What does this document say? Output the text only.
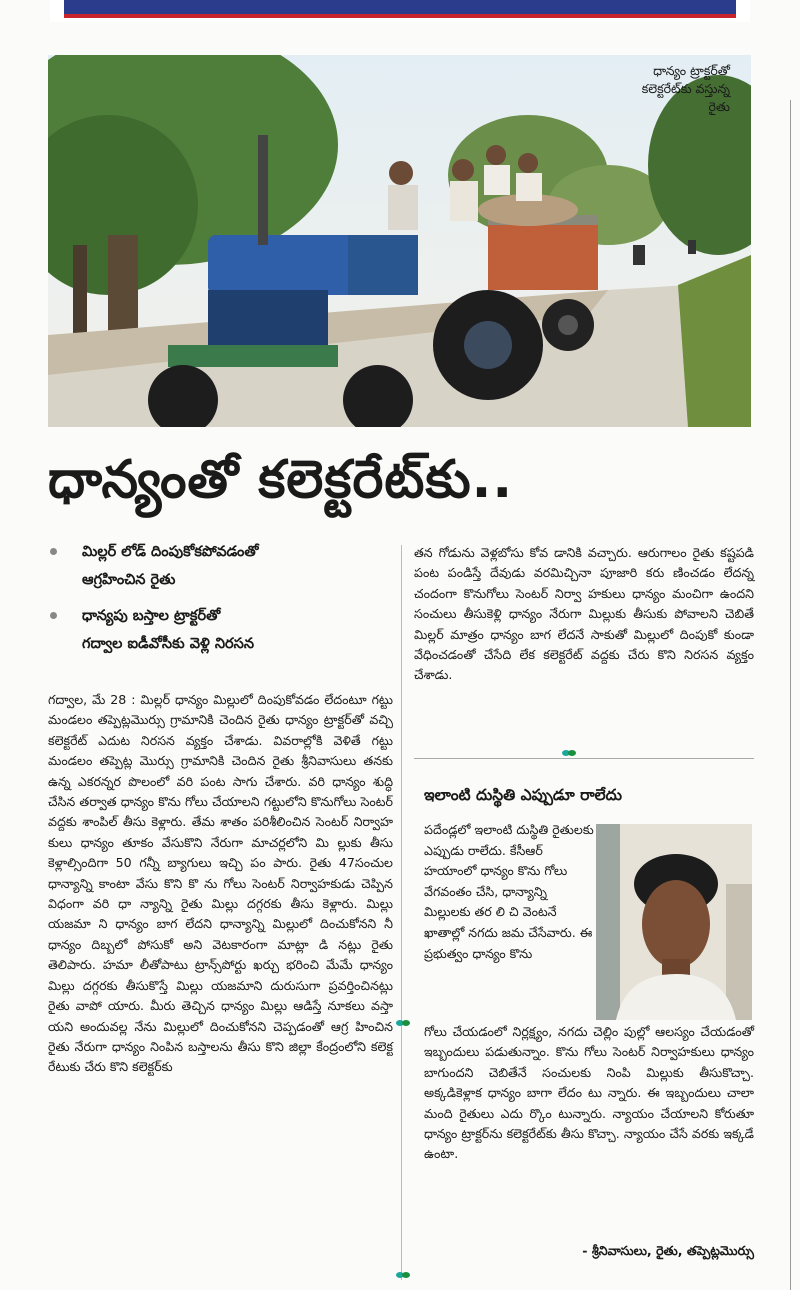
ధాన్యం ట్రాక్టర్‌తో
కలెక్టరేట్‌కు వస్తున్న
రైతు
ధాన్యంతో కలెక్టరేట్‌కు..
మిల్లర్ లోడ్ దింపుకోకపోవడంతో
ఆగ్రహించిన రైతు
ధాన్యపు బస్తాల ట్రాక్టర్‌తో
గద్వాల ఐడీవోసీకు వెళ్లి నిరసన

గద్వాల, మే 28 : మిల్లర్ ధాన్యం మిల్లులో దింపుకోవడం లేదంటూ గట్టు మండలం తప్పెట్లమొర్సు గ్రామానికి చెందిన రైతు ధాన్యం ట్రాక్టర్‌తో వచ్చి కలెక్టరేట్ ఎదుట నిరసన వ్యక్తం చేశాడు. వివరాల్లోకి వెళితే గట్టు మండలం తప్పెట్ల మొర్సు గ్రామానికి చెందిన రైతు శ్రీనివాసులు తనకు ఉన్న ఎకరన్నర పొలంలో వరి పంట సాగు చేశారు. వరి ధాన్యం శుద్ధి చేసిన తర్వాత ధాన్యం కొను గోలు చేయాలని గట్టులోని కొనుగోలు సెంటర్ వద్దకు శాంపిల్ తీసు కెళ్లారు. తేమ శాతం పరిశీలించిన సెంటర్ నిర్వాహ కులు ధాన్యం తూకం వేసుకొని నేరుగా మాచర్లలోని మి ల్లుకు తీసు కెళ్లాల్సిందిగా 50 గన్నీ బ్యాగులు ఇచ్చి పం పారు. రైతు 47సంచుల ధాన్యాన్ని కాంటా వేసు కొని కొ ను గోలు సెంటర్ నిర్వాహకుడు చెప్పిన విధంగా వరి ధా న్యాన్ని రైతు మిల్లు దగ్గరకు తీసు కెళ్లారు. మిల్లు యజమా ని ధాన్యం బాగ లేదని ధాన్యాన్ని మిల్లులో దించుకోనని నీ ధాన్యం దిబ్బలో పోసుకో అని వెటకారంగా మాట్లా డి నట్లు రైతు తెలిపారు. హమా లీతోపాటు ట్రాన్స్‌పోర్టు ఖర్చు భరించి మేమే ధాన్యం మిల్లు దగ్గరకు తీసుకొస్తే మిల్లు యజమాని దురుసుగా ప్రవర్తించినట్లు రైతు వాపో యారు. మీరు తెచ్చిన ధాన్యం మిల్లు ఆడిస్తే నూకలు వస్తా యని అందువల్ల నేను మిల్లులో దించుకోనని చెప్పడంతో ఆగ్ర హించిన రైతు నేరుగా ధాన్యం నింపిన బస్తాలను తీసు కొని జిల్లా కేంద్రంలోని కలెక్ట రేటుకు చేరు కొని కలెక్టర్‌కు

తన గోడును వెళ్లబోసు కోవ డానికి వచ్చారు. ఆరుగాలం రైతు కష్టపడి పంట పండిస్తే దేవుడు వరమిచ్చినా పూజారి కరు ణించడం లేదన్న చందంగా కొనుగోలు సెంటర్ నిర్వా హకులు ధాన్యం మంచిగా ఉందని సంచులు తీసుకెళ్లి ధాన్యం నేరుగా మిల్లుకు తీసుకు పోవాలని చెబితే మిల్లర్ మాత్రం ధాన్యం బాగ లేదనే సాకుతో మిల్లులో దింపుకో కుండా వేధించడంతో చేసేది లేక కలెక్టరేట్ వద్దకు చేరు కొని నిరసన వ్యక్తం చేశాడు.

ఇలాంటి దుస్థితి ఎప్పుడూ రాలేదు
పదేండ్లలో ఇలాంటి దుస్థితి రైతులకు ఎప్పుడు రాలేదు. కేసీఆర్ హయాంలో ధాన్యం కొను గోలు వేగవంతం చేసి, ధాన్యాన్ని మిల్లులకు తర లి చి వెంటనే ఖాతాల్లో నగదు జమ చేసేవారు. ఈ ప్రభుత్వం ధాన్యం కొను
గోలు చేయడంలో నిర్లక్ష్యం, నగదు చెల్లిం పుల్లో ఆలస్యం చేయడంతో ఇబ్బందులు పడుతున్నాం. కొను గోలు సెంటర్ నిర్వాహకులు ధాన్యం బాగుందని చెబితేనే సంచులకు నింపి మిల్లుకు తీసుకొచ్చా. అక్కడికెళ్లాక ధాన్యం బాగా లేదం టు న్నారు. ఈ ఇబ్బందులు చాలా మంది రైతులు ఎదు ర్కొం టున్నారు. న్యాయం చేయాలని కోరుతూ ధాన్యం ట్రాక్టర్‌ను కలెక్టరేట్‌కు తీసు కొచ్చా. న్యాయం చేసే వరకు ఇక్కడే ఉంటా.
- శ్రీనివాసులు, రైతు, తప్పెట్లమొర్సు
